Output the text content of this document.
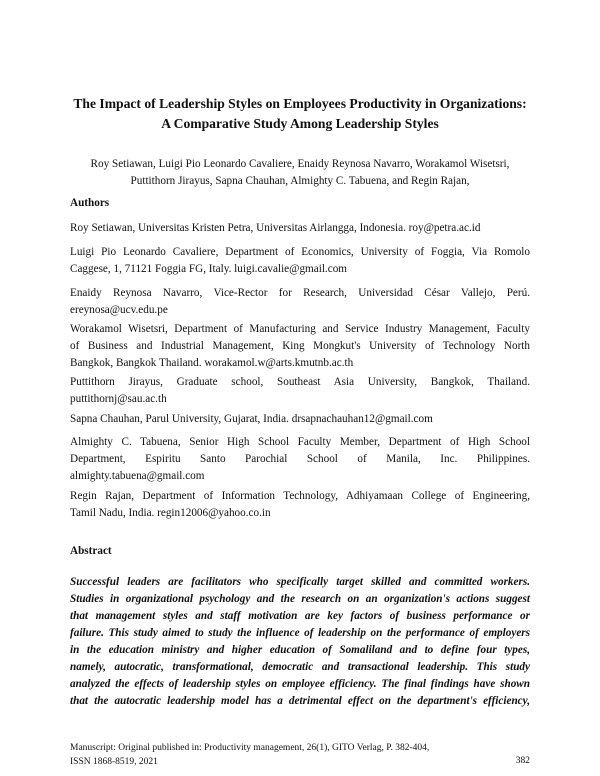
The Impact of Leadership Styles on Employees Productivity in Organizations:
A Comparative Study Among Leadership Styles
Roy Setiawan, Luigi Pio Leonardo Cavaliere, Enaidy Reynosa Navarro, Worakamol Wisetsri,
Puttithorn Jirayus, Sapna Chauhan, Almighty C. Tabuena, and Regin Rajan,
Authors
Roy Setiawan, Universitas Kristen Petra, Universitas Airlangga, Indonesia. roy@petra.ac.id
Luigi Pio Leonardo Cavaliere, Department of Economics, University of Foggia, Via Romolo
Caggese, 1, 71121 Foggia FG, Italy. luigi.cavalie@gmail.com
Enaidy Reynosa Navarro, Vice-Rector for Research, Universidad César Vallejo, Perú.
ereynosa@ucv.edu.pe
Worakamol Wisetsri, Department of Manufacturing and Service Industry Management, Faculty
of Business and Industrial Management, King Mongkut's University of Technology North
Bangkok, Bangkok Thailand. worakamol.w@arts.kmutnb.ac.th
Puttithorn Jirayus, Graduate school, Southeast Asia University, Bangkok, Thailand.
puttithornj@sau.ac.th
Sapna Chauhan, Parul University, Gujarat, India. drsapnachauhan12@gmail.com
Almighty C. Tabuena, Senior High School Faculty Member, Department of High School
Department, Espiritu Santo Parochial School of Manila, Inc. Philippines.
almighty.tabuena@gmail.com
Regin Rajan, Department of Information Technology, Adhiyamaan College of Engineering,
Tamil Nadu, India. regin12006@yahoo.co.in
Abstract
Successful leaders are facilitators who specifically target skilled and committed workers.
Studies in organizational psychology and the research on an organization's actions suggest
that management styles and staff motivation are key factors of business performance or
failure. This study aimed to study the influence of leadership on the performance of employers
in the education ministry and higher education of Somaliland and to define four types,
namely, autocratic, transformational, democratic and transactional leadership. This study
analyzed the effects of leadership styles on employee efficiency. The final findings have shown
that the autocratic leadership model has a detrimental effect on the department's efficiency,
Manuscript: Original published in: Productivity management, 26(1), GITO Verlag, P. 382-404,
ISSN 1868-8519, 2021	382
